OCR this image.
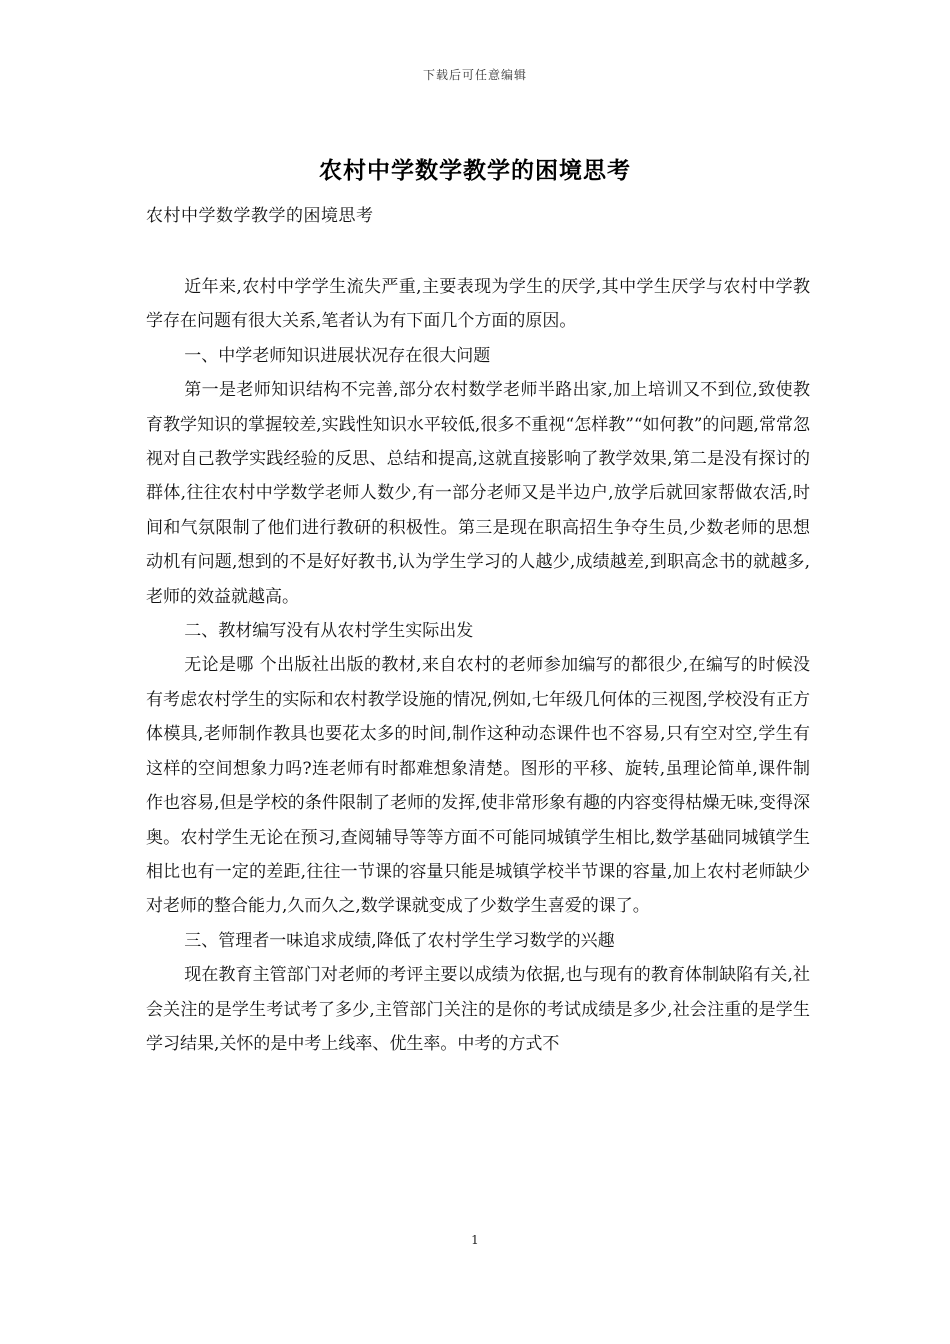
下载后可任意编辑
农村中学数学教学的困境思考
农村中学数学教学的困境思考

近年来,农村中学学生流失严重,主要表现为学生的厌学,其中学生厌学与农村中学教学存在问题有很大关系,笔者认为有下面几个方面的原因。

一、中学老师知识进展状况存在很大问题

第一是老师知识结构不完善,部分农村数学老师半路出家,加上培训又不到位,致使教育教学知识的掌握较差,实践性知识水平较低,很多不重视“怎样教”“如何教”的问题,常常忽视对自己教学实践经验的反思、总结和提高,这就直接影响了教学效果,第二是没有探讨的群体,往往农村中学数学老师人数少,有一部分老师又是半边户,放学后就回家帮做农活,时间和气氛限制了他们进行教研的积极性。第三是现在职高招生争夺生员,少数老师的思想动机有问题,想到的不是好好教书,认为学生学习的人越少,成绩越差,到职高念书的就越多,老师的效益就越高。

二、教材编写没有从农村学生实际出发

无论是哪 个出版社出版的教材,来自农村的老师参加编写的都很少,在编写的时候没有考虑农村学生的实际和农村教学设施的情况,例如,七年级几何体的三视图,学校没有正方体模具,老师制作教具也要花太多的时间,制作这种动态课件也不容易,只有空对空,学生有这样的空间想象力吗?连老师有时都难想象清楚。图形的平移、旋转,虽理论简单,课件制作也容易,但是学校的条件限制了老师的发挥,使非常形象有趣的内容变得枯燥无味,变得深奥。农村学生无论在预习,查阅辅导等等方面不可能同城镇学生相比,数学基础同城镇学生相比也有一定的差距,往往一节课的容量只能是城镇学校半节课的容量,加上农村老师缺少对老师的整合能力,久而久之,数学课就变成了少数学生喜爱的课了。

三、管理者一味追求成绩,降低了农村学生学习数学的兴趣

现在教育主管部门对老师的考评主要以成绩为依据,也与现有的教育体制缺陷有关,社会关注的是学生考试考了多少,主管部门关注的是你的考试成绩是多少,社会注重的是学生学习结果,关怀的是中考上线率、优生率。中考的方式不

1
